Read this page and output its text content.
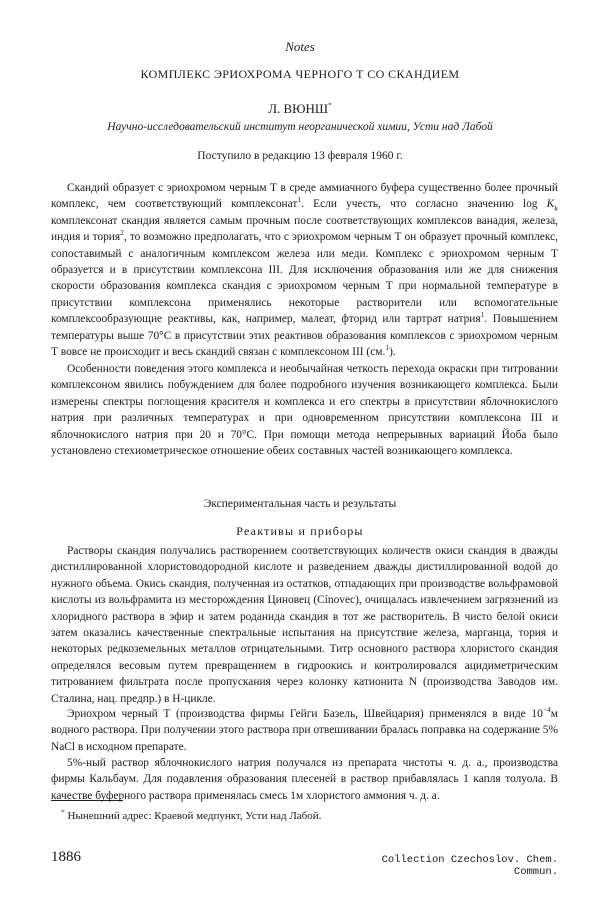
Notes
КОМПЛЕКС ЭРИОХРОМА ЧЕРНОГО Т СО СКАНДИЕМ
Л. ВЮНШ*
Научно-исследовательский институт неорганической химии, Усти над Лабой
Поступило в редакцию 13 февраля 1960 г.

Скандий образует с эриохромом черным Т в среде аммиачного буфера существенно более прочный комплекс, чем соответствующий комплексонат$^1$. Если учесть, что согласно значению $\log K_k$ комплексонат скандия является самым прочным после соответствующих комплексов ванадия, железа, индия и тория$^2$, то возможно предполагать, что с эриохромом черным Т он образует прочный комплекс, сопоставимый с аналогичным комплексом железа или меди. Комплекс с эриохромом черным Т образуется и в присутствии комплексона III. Для исключения образования или же для снижения скорости образования комплекса скандия с эриохромом черным Т при нормальной температуре в присутствии комплексона применялись некоторые растворители или вспомогательные комплексообразующие реактивы, как, например, малеат, фторид или тартрат натрия$^1$. Повышением температуры выше 70°С в присутствии этих реактивов образования комплексов с эриохромом черным Т вовсе не происходит и весь скандий связан с комплексоном III (см.$^1$).

Особенности поведения этого комплекса и необычайная четкость перехода окраски при титровании комплексоном явились побуждением для более подробного изучения возникающего комплекса. Были измерены спектры поглощения красителя и комплекса и его спектры в присутствии яблочнокислого натрия при различных температурах и при одновременном присутствии комплексона III и яблочнокислого натрия при 20 и 70°С. При помощи метода непрерывных вариаций Йоба было установлено стехиометрическое отношение обеих составных частей возникающего комплекса.

Экспериментальная часть и результаты
Реактивы и приборы

Растворы скандия получались растворением соответствующих количеств окиси скандия в дважды дистиллированной хлористоводородной кислоте и разведением дважды дистиллированной водой до нужного объема. Окись скандия, полученная из остатков, отпадающих при производстве вольфрамовой кислоты из вольфрамита из месторождения Циновец (Cínovec), очищалась извлечением загрязнений из хлоридного раствора в эфир и затем роданида скандия в тот же растворитель. В чисто белой окиси затем оказались качественные спектральные испытания на присутствие железа, марганца, тория и некоторых редкоземельных металлов отрицательными. Титр основного раствора хлористого скандия определялся весовым путем превращением в гидроокись и контролировался ацидиметрическим титрованием фильтрата после пропускания через колонку катионита N (производства Заводов им. Сталина, нац. предпр.) в H-цикле.

Эриохром черный Т (производства фирмы Гейги Базель, Швейцария) применялся в виде $10^{-4}м$ водного раствора. При получении этого раствора при отвешивании бралась поправка на содержание 5% NaCl в исходном препарате.

5%-ный раствор яблочнокислого натрия получался из препарата чистоты ч. д. а., производства фирмы Кальбаум. Для подавления образования плесеней в раствор прибавлялась 1 капля толуола. В качестве буферного раствора применялась смесь 1м хлористого аммония ч. д. а.

* Нынешний адрес: Краевой медпункт, Усти над Лабой.
1886	Collection Czechoslov. Chem. Commun.
